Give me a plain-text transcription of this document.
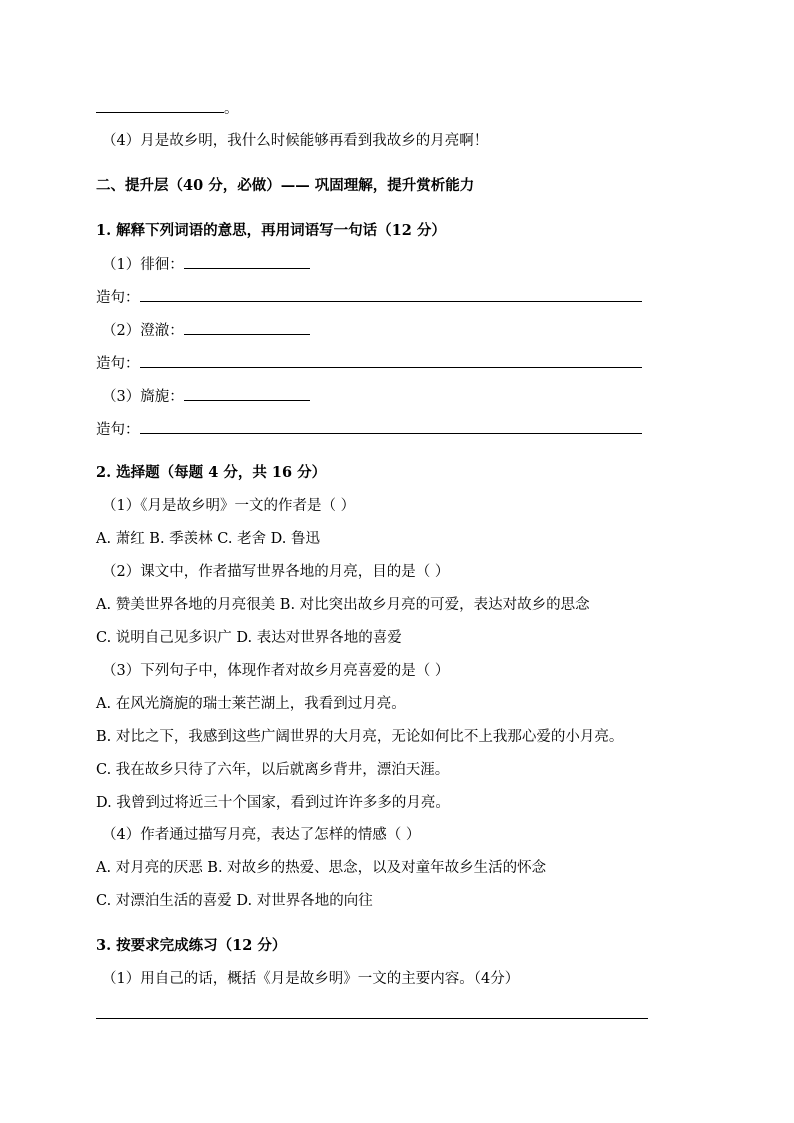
。
（4）月是故乡明，我什么时候能够再看到我故乡的月亮啊！
二、提升层（40 分，必做）—— 巩固理解，提升赏析能力
1. 解释下列词语的意思，再用词语写一句话（12 分）
（1）徘徊：
造句：
（2）澄澈：
造句：
（3）旖旎：
造句：
2. 选择题（每题 4 分，共 16 分）
（1）《月是故乡明》一文的作者是（ ）
A. 萧红 B. 季羡林 C. 老舍 D. 鲁迅
（2）课文中，作者描写世界各地的月亮，目的是（ ）
A. 赞美世界各地的月亮很美 B. 对比突出故乡月亮的可爱，表达对故乡的思念
C. 说明自己见多识广 D. 表达对世界各地的喜爱
（3）下列句子中，体现作者对故乡月亮喜爱的是（ ）
A. 在风光旖旎的瑞士莱芒湖上，我看到过月亮。
B. 对比之下，我感到这些广阔世界的大月亮，无论如何比不上我那心爱的小月亮。
C. 我在故乡只待了六年，以后就离乡背井，漂泊天涯。
D. 我曾到过将近三十个国家，看到过许许多多的月亮。
（4）作者通过描写月亮，表达了怎样的情感（ ）
A. 对月亮的厌恶 B. 对故乡的热爱、思念，以及对童年故乡生活的怀念
C. 对漂泊生活的喜爱 D. 对世界各地的向往
3. 按要求完成练习（12 分）
（1）用自己的话，概括《月是故乡明》一文的主要内容。（4分）
